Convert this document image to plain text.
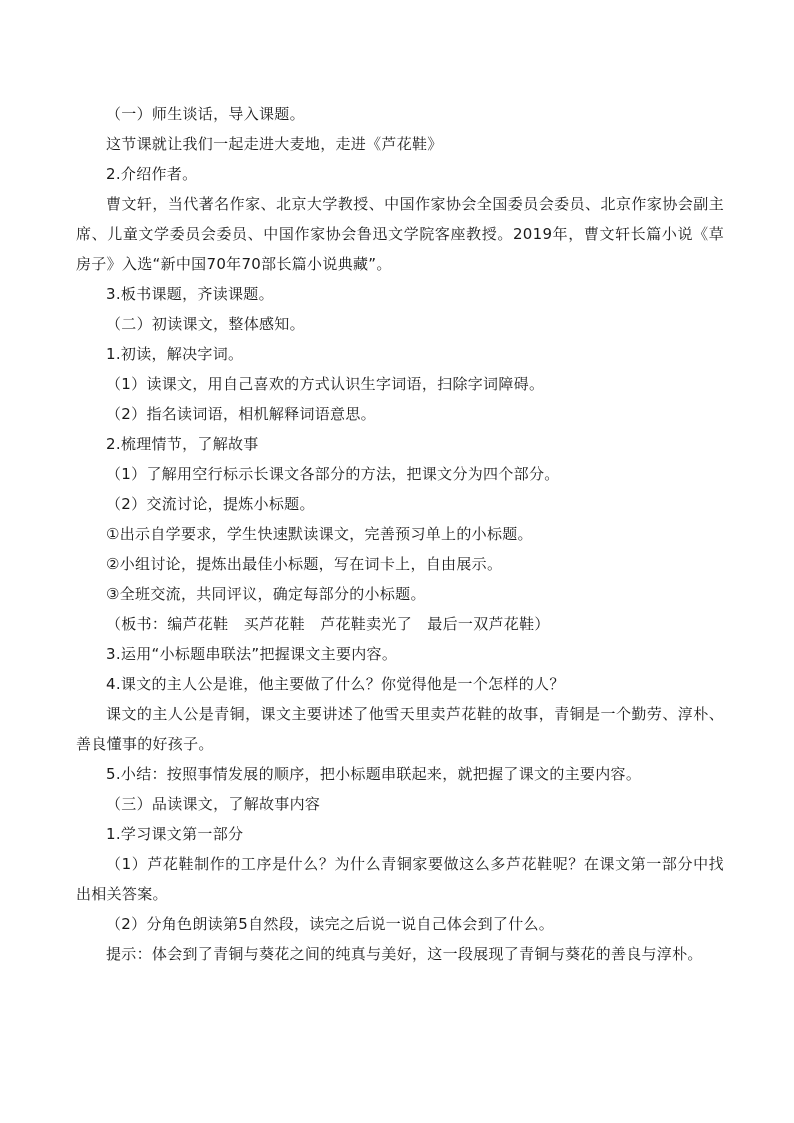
（一）师生谈话，导入课题。

这节课就让我们一起走进大麦地，走进《芦花鞋》

2.介绍作者。

曹文轩，当代著名作家、北京大学教授、中国作家协会全国委员会委员、北京作家协会副主席、儿童文学委员会委员、中国作家协会鲁迅文学院客座教授。2019年，曹文轩长篇小说《草房子》入选“新中国70年70部长篇小说典藏”。

3.板书课题，齐读课题。

（二）初读课文，整体感知。

1.初读，解决字词。

（1）读课文，用自己喜欢的方式认识生字词语，扫除字词障碍。

（2）指名读词语，相机解释词语意思。

2.梳理情节，了解故事

（1）了解用空行标示长课文各部分的方法，把课文分为四个部分。

（2）交流讨论，提炼小标题。

①出示自学要求，学生快速默读课文，完善预习单上的小标题。

②小组讨论，提炼出最佳小标题，写在词卡上，自由展示。

③全班交流，共同评议，确定每部分的小标题。

（板书：编芦花鞋　买芦花鞋　芦花鞋卖光了　最后一双芦花鞋）

3.运用“小标题串联法”把握课文主要内容。

4.课文的主人公是谁，他主要做了什么？你觉得他是一个怎样的人？

课文的主人公是青铜，课文主要讲述了他雪天里卖芦花鞋的故事，青铜是一个勤劳、淳朴、善良懂事的好孩子。

5.小结：按照事情发展的顺序，把小标题串联起来，就把握了课文的主要内容。

（三）品读课文，了解故事内容

1.学习课文第一部分

（1）芦花鞋制作的工序是什么？为什么青铜家要做这么多芦花鞋呢？在课文第一部分中找出相关答案。

（2）分角色朗读第5自然段，读完之后说一说自己体会到了什么。

提示：体会到了青铜与葵花之间的纯真与美好，这一段展现了青铜与葵花的善良与淳朴。
